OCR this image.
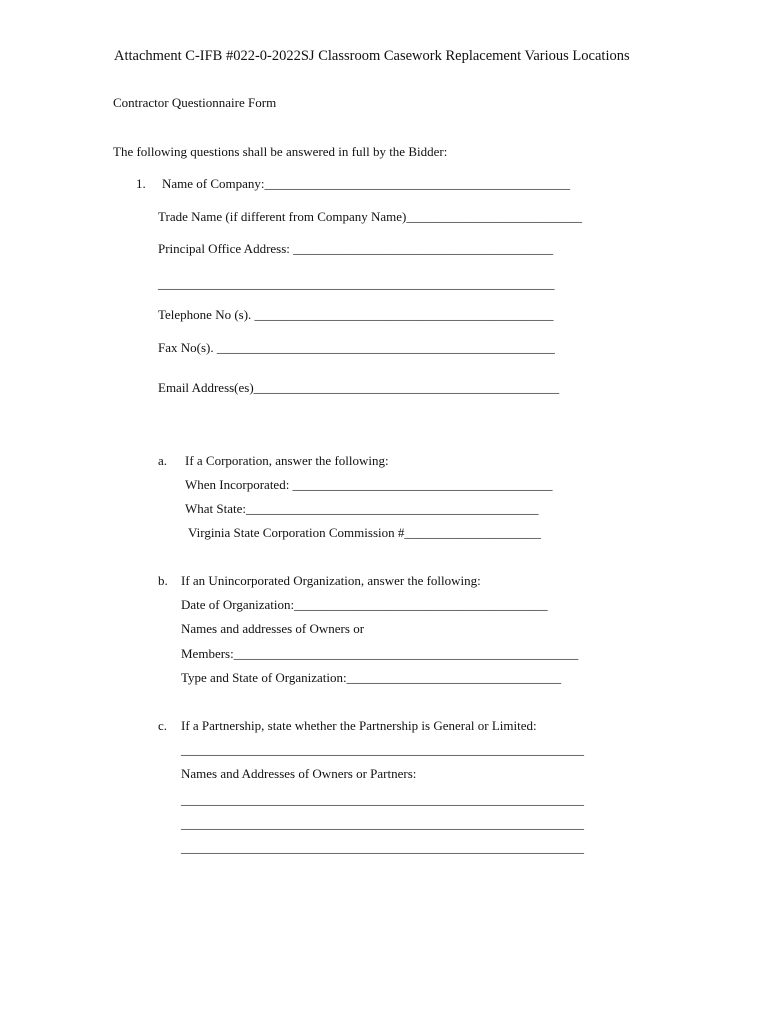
Attachment C-IFB #022-0-2022SJ Classroom Casework Replacement Various Locations
Contractor Questionnaire Form
The following questions shall be answered in full by the Bidder:
1. Name of Company:_______________________________________________
Trade Name (if different from Company Name)___________________________
Principal Office Address: ________________________________________
_____________________________________________________________
Telephone No (s). ______________________________________________
Fax No(s). ____________________________________________________
Email Address(es)_______________________________________________
a. If a Corporation, answer the following:
When Incorporated: ________________________________________
What State:_____________________________________________
Virginia State Corporation Commission #_____________________
b. If an Unincorporated Organization, answer the following:
Date of Organization:_______________________________________
Names and addresses of Owners or
Members:_____________________________________________________
Type and State of Organization:_________________________________
c. If a Partnership, state whether the Partnership is General or Limited:
______________________________________________________________
Names and Addresses of Owners or Partners:
______________________________________________________________
______________________________________________________________
______________________________________________________________
